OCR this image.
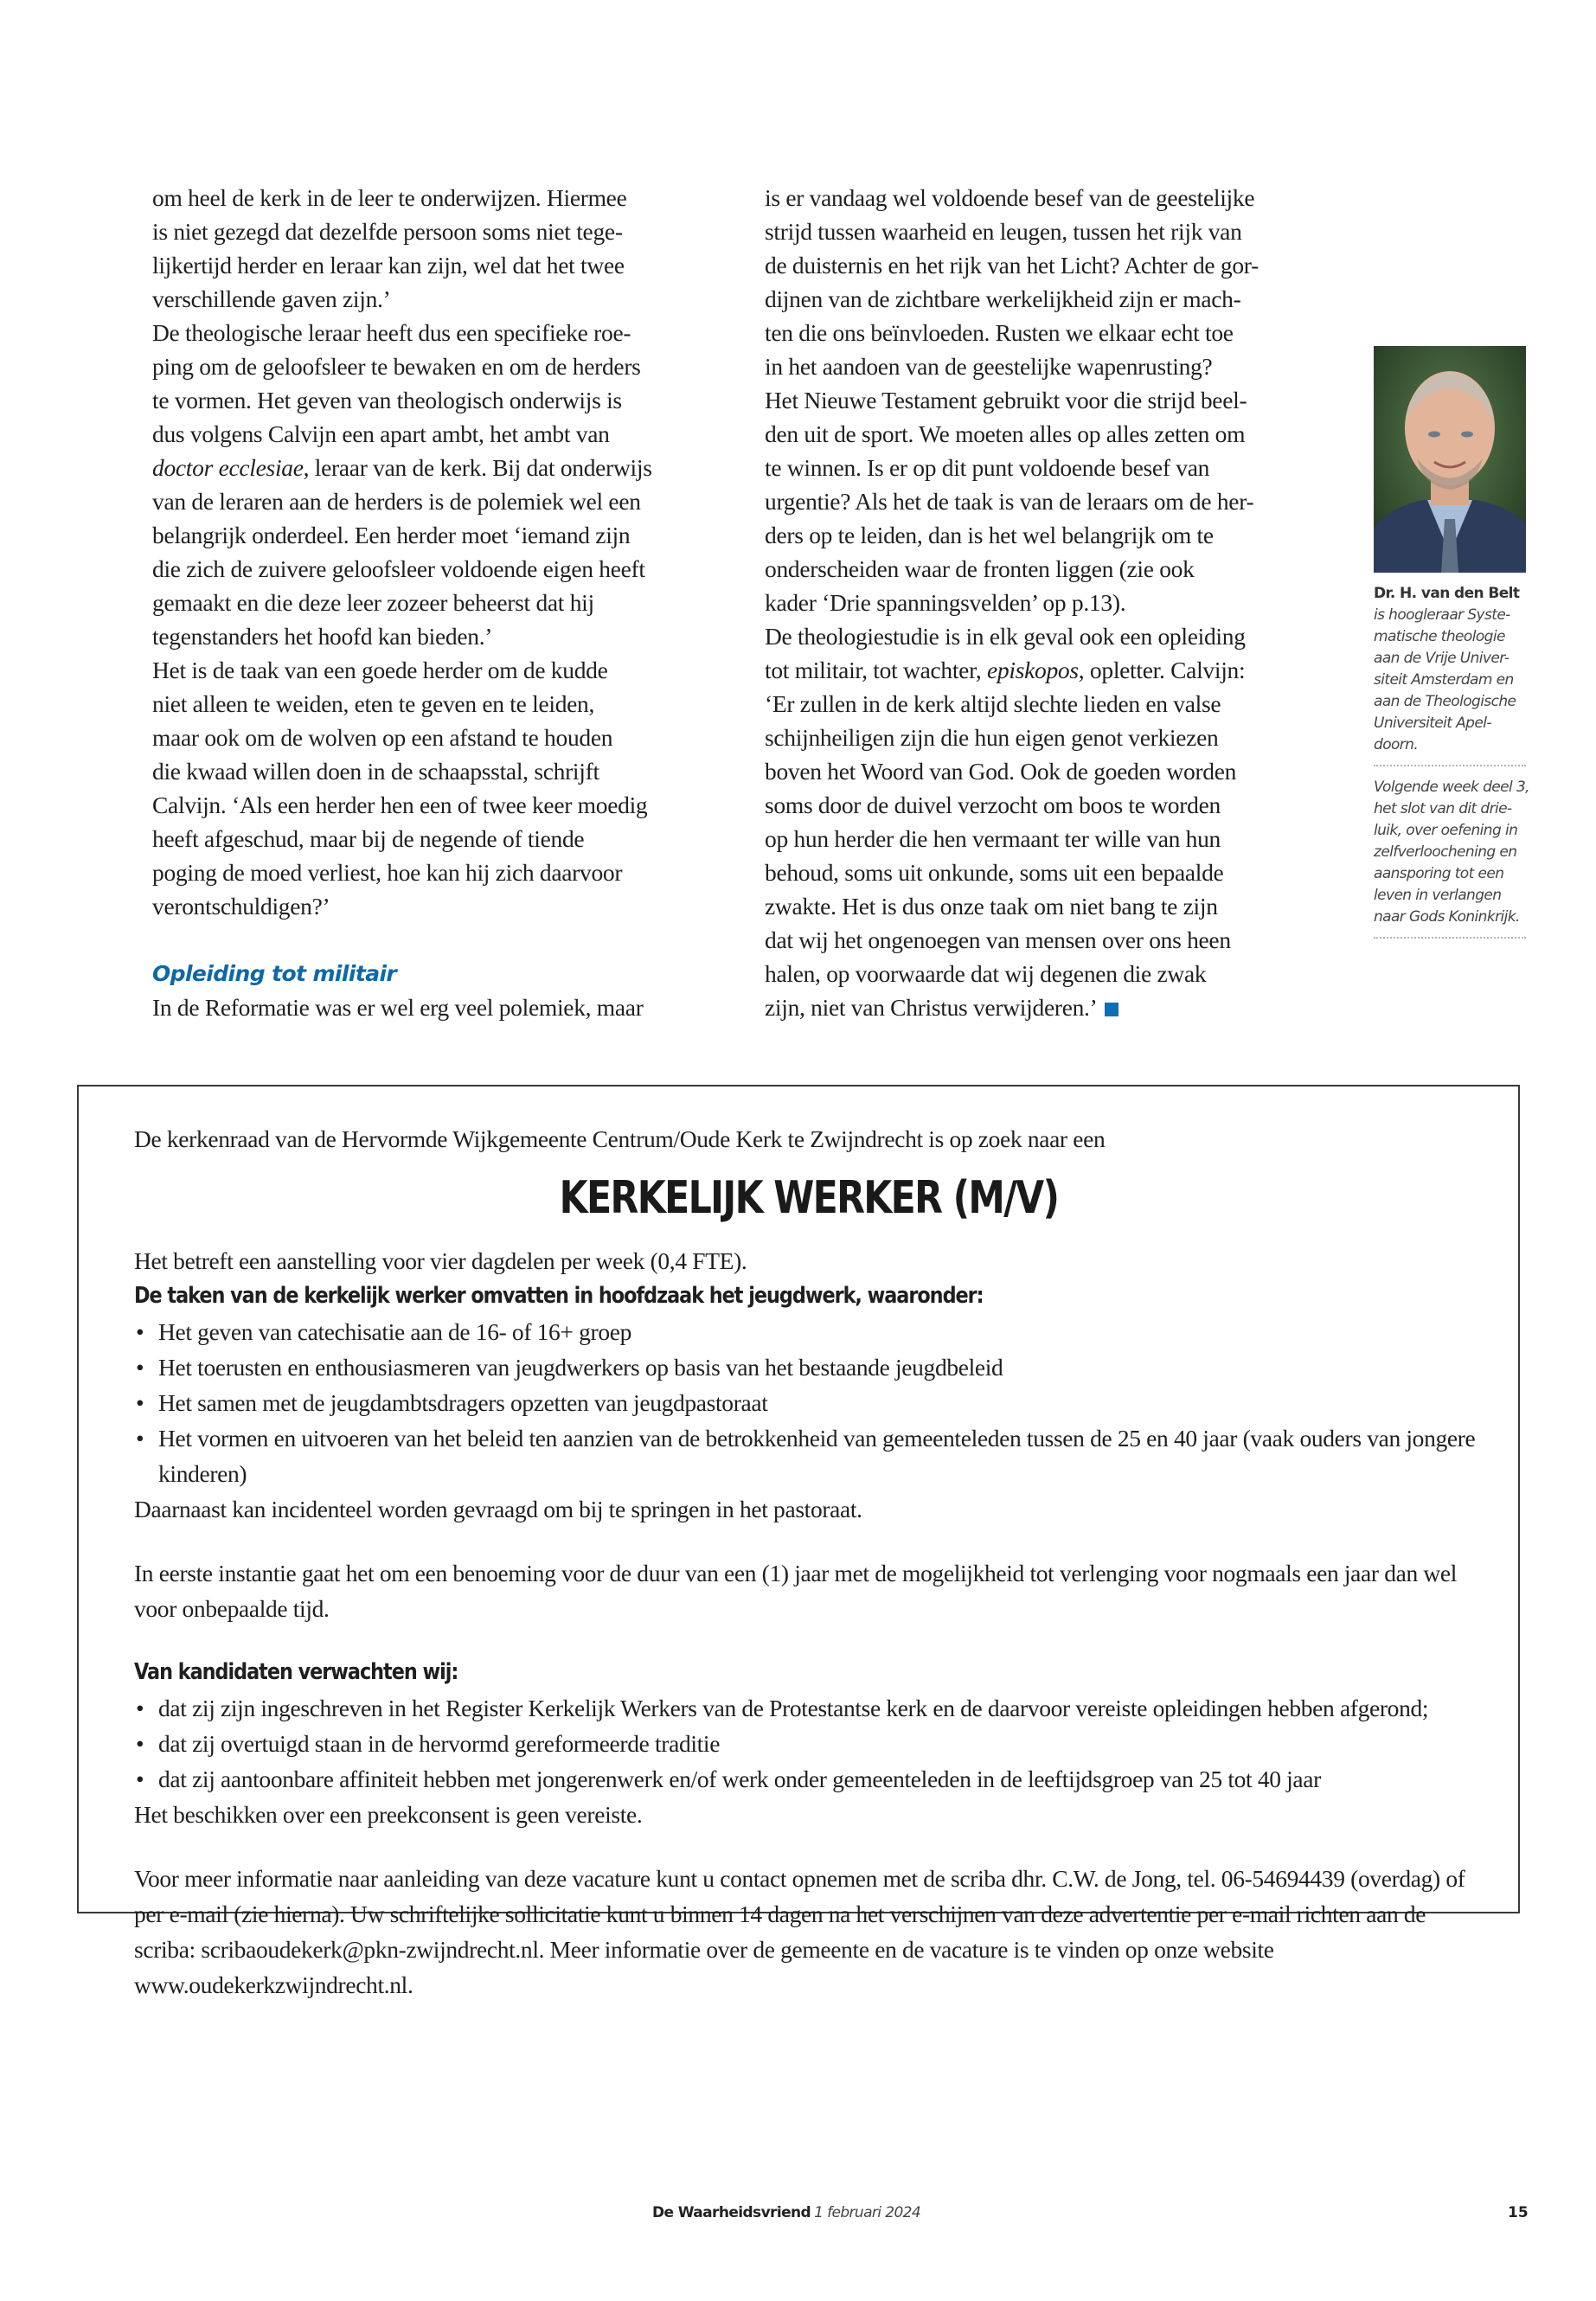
om heel de kerk in de leer te onderwijzen. Hiermee
is niet gezegd dat dezelfde persoon soms niet tege-
lijkertijd herder en leraar kan zijn, wel dat het twee
verschillende gaven zijn.’
De theologische leraar heeft dus een specifieke roe-
ping om de geloofsleer te bewaken en om de herders
te vormen. Het geven van theologisch onderwijs is
dus volgens Calvijn een apart ambt, het ambt van
doctor ecclesiae, leraar van de kerk. Bij dat onderwijs
van de leraren aan de herders is de polemiek wel een
belangrijk onderdeel. Een herder moet ‘iemand zijn
die zich de zuivere geloofsleer voldoende eigen heeft
gemaakt en die deze leer zozeer beheerst dat hij
tegenstanders het hoofd kan bieden.’
Het is de taak van een goede herder om de kudde
niet alleen te weiden, eten te geven en te leiden,
maar ook om de wolven op een afstand te houden
die kwaad willen doen in de schaapsstal, schrijft
Calvijn. ‘Als een herder hen een of twee keer moedig
heeft afgeschud, maar bij de negende of tiende
poging de moed verliest, hoe kan hij zich daarvoor
verontschuldigen?’
Opleiding tot militair
In de Reformatie was er wel erg veel polemiek, maar
is er vandaag wel voldoende besef van de geestelijke
strijd tussen waarheid en leugen, tussen het rijk van
de duisternis en het rijk van het Licht? Achter de gor-
dijnen van de zichtbare werkelijkheid zijn er mach-
ten die ons beïnvloeden. Rusten we elkaar echt toe
in het aandoen van de geestelijke wapenrusting?
Het Nieuwe Testament gebruikt voor die strijd beel-
den uit de sport. We moeten alles op alles zetten om
te winnen. Is er op dit punt voldoende besef van
urgentie? Als het de taak is van de leraars om de her-
ders op te leiden, dan is het wel belangrijk om te
onderscheiden waar de fronten liggen (zie ook
kader ‘Drie spanningsvelden’ op p.13).
De theologiestudie is in elk geval ook een opleiding
tot militair, tot wachter, episkopos, opletter. Calvijn:
‘Er zullen in de kerk altijd slechte lieden en valse
schijnheiligen zijn die hun eigen genot verkiezen
boven het Woord van God. Ook de goeden worden
soms door de duivel verzocht om boos te worden
op hun herder die hen vermaant ter wille van hun
behoud, soms uit onkunde, soms uit een bepaalde
zwakte. Het is dus onze taak om niet bang te zijn
dat wij het ongenoegen van mensen over ons heen
halen, op voorwaarde dat wij degenen die zwak
zijn, niet van Christus verwijderen.’
Dr. H. van den Belt
is hoogleraar Syste-
matische theologie
aan de Vrije Univer-
siteit Amsterdam en
aan de Theologische
Universiteit Apel-
doorn.
Volgende week deel 3,
het slot van dit drie-
luik, over oefening in
zelfverloochening en
aansporing tot een
leven in verlangen
naar Gods Koninkrijk.
De kerkenraad van de Hervormde Wijkgemeente Centrum/Oude Kerk te Zwijndrecht is op zoek naar een
KERKELIJK WERKER (M/V)
Het betreft een aanstelling voor vier dagdelen per week (0,4 FTE).
De taken van de kerkelijk werker omvatten in hoofdzaak het jeugdwerk, waaronder:
• Het geven van catechisatie aan de 16- of 16+ groep
• Het toerusten en enthousiasmeren van jeugdwerkers op basis van het bestaande jeugdbeleid
• Het samen met de jeugdambtsdragers opzetten van jeugdpastoraat
• Het vormen en uitvoeren van het beleid ten aanzien van de betrokkenheid van gemeenteleden tussen de 25 en 40 jaar (vaak ouders van jongere kinderen)
Daarnaast kan incidenteel worden gevraagd om bij te springen in het pastoraat.
In eerste instantie gaat het om een benoeming voor de duur van een (1) jaar met de mogelijkheid tot verlenging voor nogmaals een jaar dan wel voor onbepaalde tijd.
Van kandidaten verwachten wij:
• dat zij zijn ingeschreven in het Register Kerkelijk Werkers van de Protestantse kerk en de daarvoor vereiste opleidingen hebben afgerond;
• dat zij overtuigd staan in de hervormd gereformeerde traditie
• dat zij aantoonbare affiniteit hebben met jongerenwerk en/of werk onder gemeenteleden in de leeftijdsgroep van 25 tot 40 jaar
Het beschikken over een preekconsent is geen vereiste.
Voor meer informatie naar aanleiding van deze vacature kunt u contact opnemen met de scriba dhr. C.W. de Jong, tel. 06-54694439 (overdag) of per e-mail (zie hierna). Uw schriftelijke sollicitatie kunt u binnen 14 dagen na het verschijnen van deze advertentie per e-mail richten aan de scriba: scribaoudekerk@pkn-zwijndrecht.nl. Meer informatie over de gemeente en de vacature is te vinden op onze website www.oudekerkzwijndrecht.nl.
De Waarheidsvriend 1 februari 2024	15
